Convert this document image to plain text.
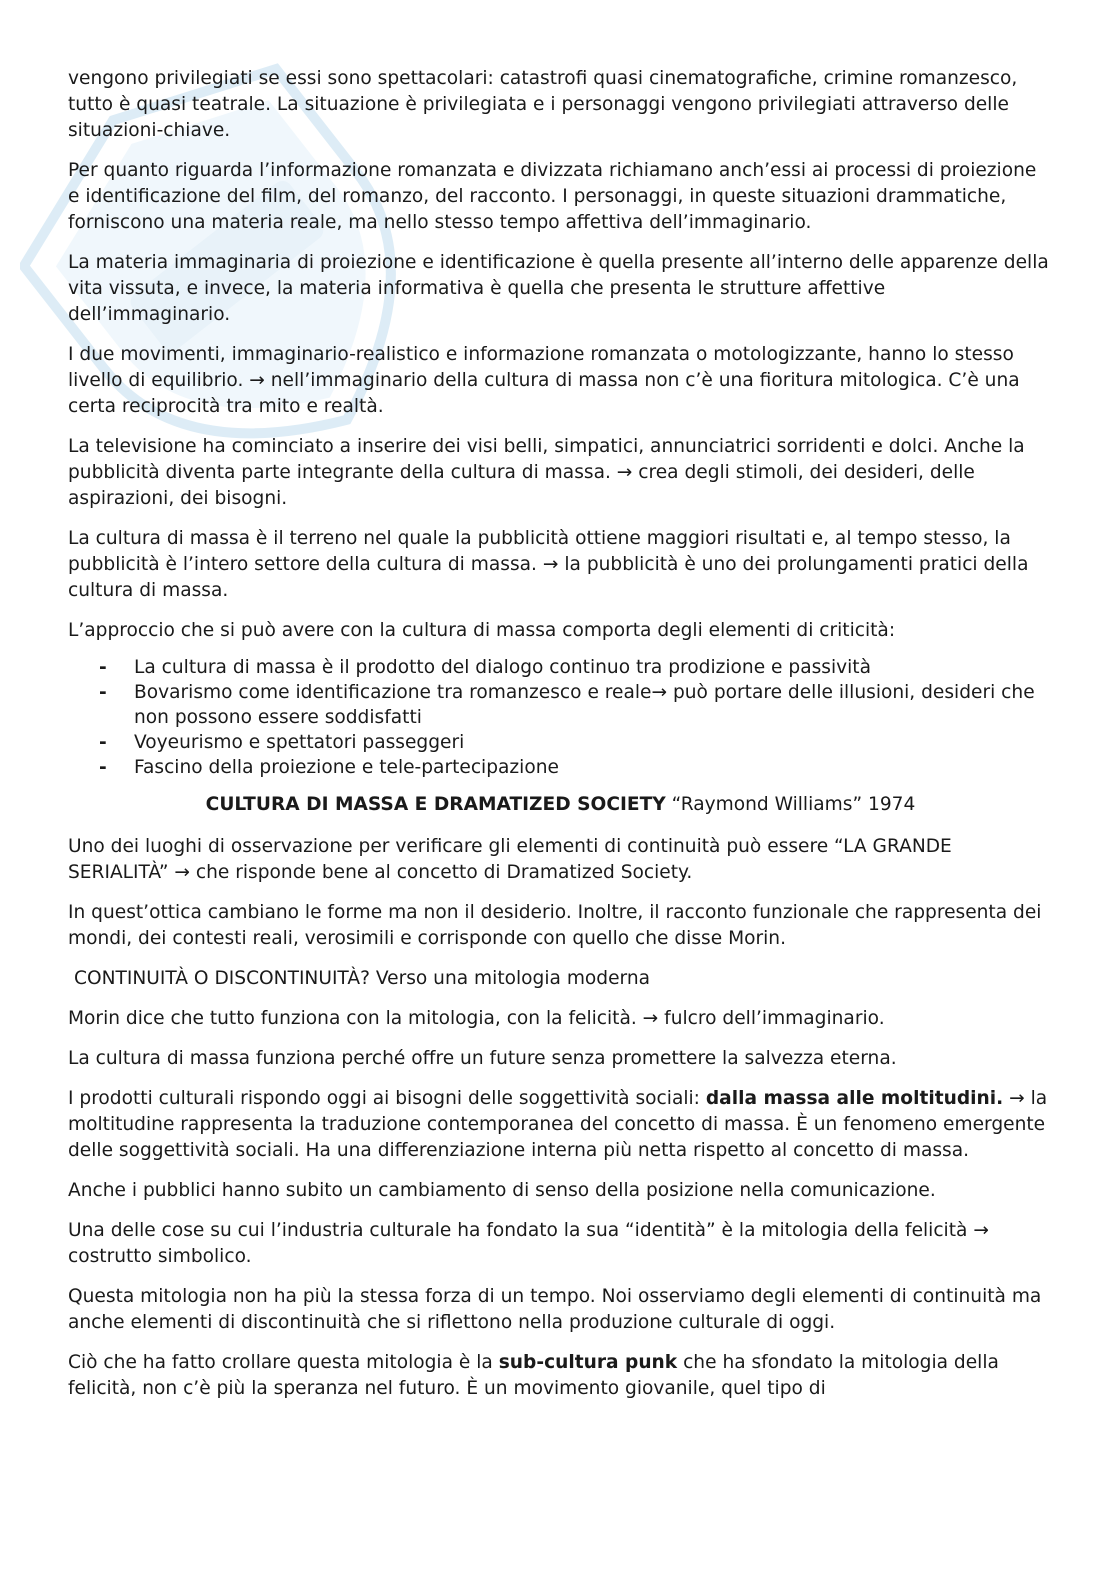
vengono privilegiati se essi sono spettacolari: catastrofi quasi cinematografiche, crimine romanzesco, tutto è quasi teatrale. La situazione è privilegiata e i personaggi vengono privilegiati attraverso delle situazioni-chiave.

Per quanto riguarda l’informazione romanzata e divizzata richiamano anch’essi ai processi di proiezione e identificazione del film, del romanzo, del racconto. I personaggi, in queste situazioni drammatiche, forniscono una materia reale, ma nello stesso tempo affettiva dell’immaginario.

La materia immaginaria di proiezione e identificazione è quella presente all’interno delle apparenze della vita vissuta, e invece, la materia informativa è quella che presenta le strutture affettive dell’immaginario.

I due movimenti, immaginario-realistico e informazione romanzata o motologizzante, hanno lo stesso livello di equilibrio. → nell’immaginario della cultura di massa non c’è una fioritura mitologica. C’è una certa reciprocità tra mito e realtà.

La televisione ha cominciato a inserire dei visi belli, simpatici, annunciatrici sorridenti e dolci. Anche la pubblicità diventa parte integrante della cultura di massa. → crea degli stimoli, dei desideri, delle aspirazioni, dei bisogni.

La cultura di massa è il terreno nel quale la pubblicità ottiene maggiori risultati e, al tempo stesso, la pubblicità è l’intero settore della cultura di massa. → la pubblicità è uno dei prolungamenti pratici della cultura di massa.

L’approccio che si può avere con la cultura di massa comporta degli elementi di criticità:

- La cultura di massa è il prodotto del dialogo continuo tra prodizione e passività
- Bovarismo come identificazione tra romanzesco e reale→ può portare delle illusioni, desideri che non possono essere soddisfatti
- Voyeurismo e spettatori passeggeri
- Fascino della proiezione e tele-partecipazione

CULTURA DI MASSA E DRAMATIZED SOCIETY “Raymond Williams” 1974

Uno dei luoghi di osservazione per verificare gli elementi di continuità può essere “LA GRANDE SERIALITÀ” → che risponde bene al concetto di Dramatized Society.

In quest’ottica cambiano le forme ma non il desiderio. Inoltre, il racconto funzionale che rappresenta dei mondi, dei contesti reali, verosimili e corrisponde con quello che disse Morin.

CONTINUITÀ O DISCONTINUITÀ? Verso una mitologia moderna

Morin dice che tutto funziona con la mitologia, con la felicità. → fulcro dell’immaginario.

La cultura di massa funziona perché offre un future senza promettere la salvezza eterna.

I prodotti culturali rispondo oggi ai bisogni delle soggettività sociali: dalla massa alle moltitudini. → la moltitudine rappresenta la traduzione contemporanea del concetto di massa. È un fenomeno emergente delle soggettività sociali. Ha una differenziazione interna più netta rispetto al concetto di massa.

Anche i pubblici hanno subito un cambiamento di senso della posizione nella comunicazione.

Una delle cose su cui l’industria culturale ha fondato la sua “identità” è la mitologia della felicità → costrutto simbolico.

Questa mitologia non ha più la stessa forza di un tempo. Noi osserviamo degli elementi di continuità ma anche elementi di discontinuità che si riflettono nella produzione culturale di oggi.

Ciò che ha fatto crollare questa mitologia è la sub-cultura punk che ha sfondato la mitologia della felicità, non c’è più la speranza nel futuro. È un movimento giovanile, quel tipo di
